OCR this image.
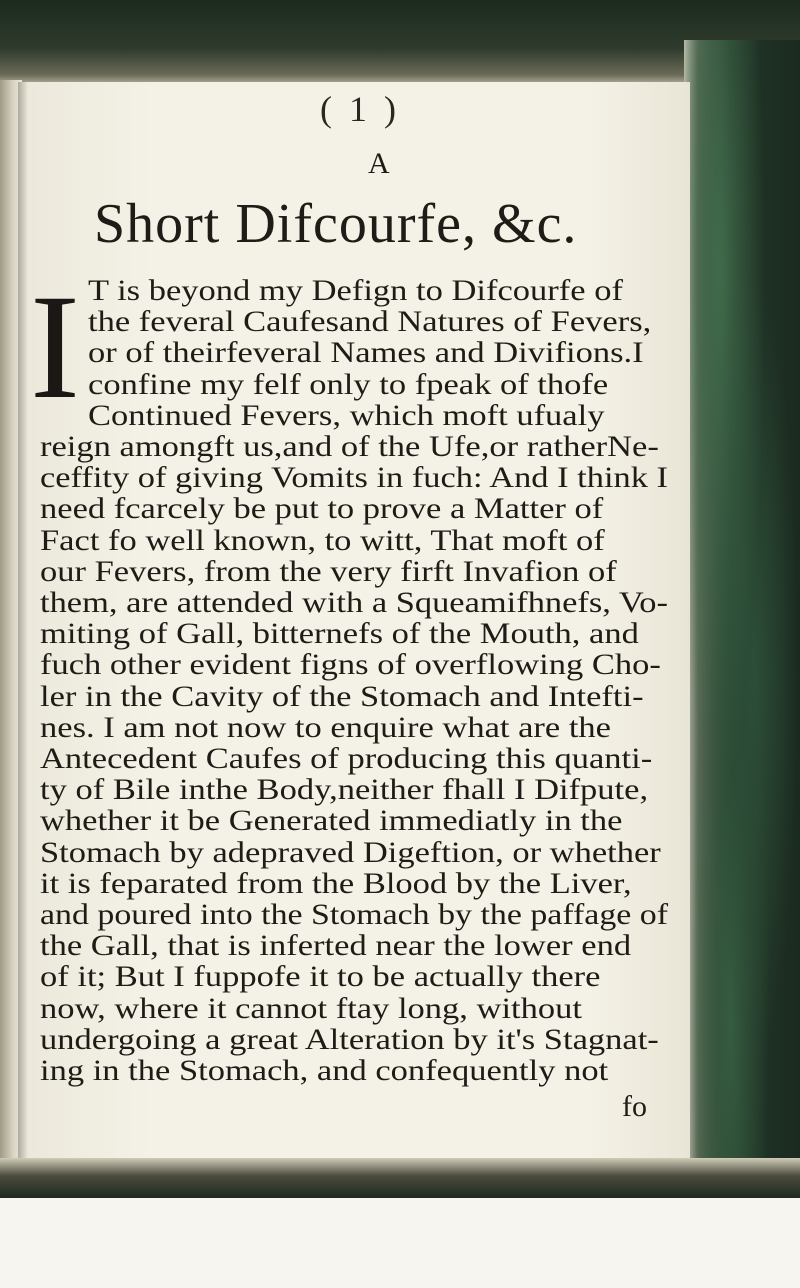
( 1 )
A
Short Difcourfe, &c.
I T is beyond my Defign to Difcourfe of
the feveral Caufesand Natures of Fevers,
or of theirfeveral Names and Divifions.I
confine my felf only to fpeak of thofe
Continued Fevers, which moft ufualy
reign amongft us,and of the Ufe,or ratherNe-
ceffity of giving Vomits in fuch: And I think I
need fcarcely be put to prove a Matter of
Fact fo well known, to witt, That moft of
our Fevers, from the very firft Invafion of
them, are attended with a Squeamifhnefs, Vo-
miting of Gall, bitternefs of the Mouth, and
fuch other evident figns of overflowing Cho-
ler in the Cavity of the Stomach and Intefti-
nes. I am not now to enquire what are the
Antecedent Caufes of producing this quanti-
ty of Bile inthe Body,neither fhall I Difpute,
whether it be Generated immediatly in the
Stomach by adepraved Digeftion, or whether
it is feparated from the Blood by the Liver,
and poured into the Stomach by the paffage of
the Gall, that is inferted near the lower end
of it; But I fuppofe it to be actually there
now, where it cannot ftay long, without
undergoing a great Alteration by it's Stagnat-
ing in the Stomach, and confequently not
fo
